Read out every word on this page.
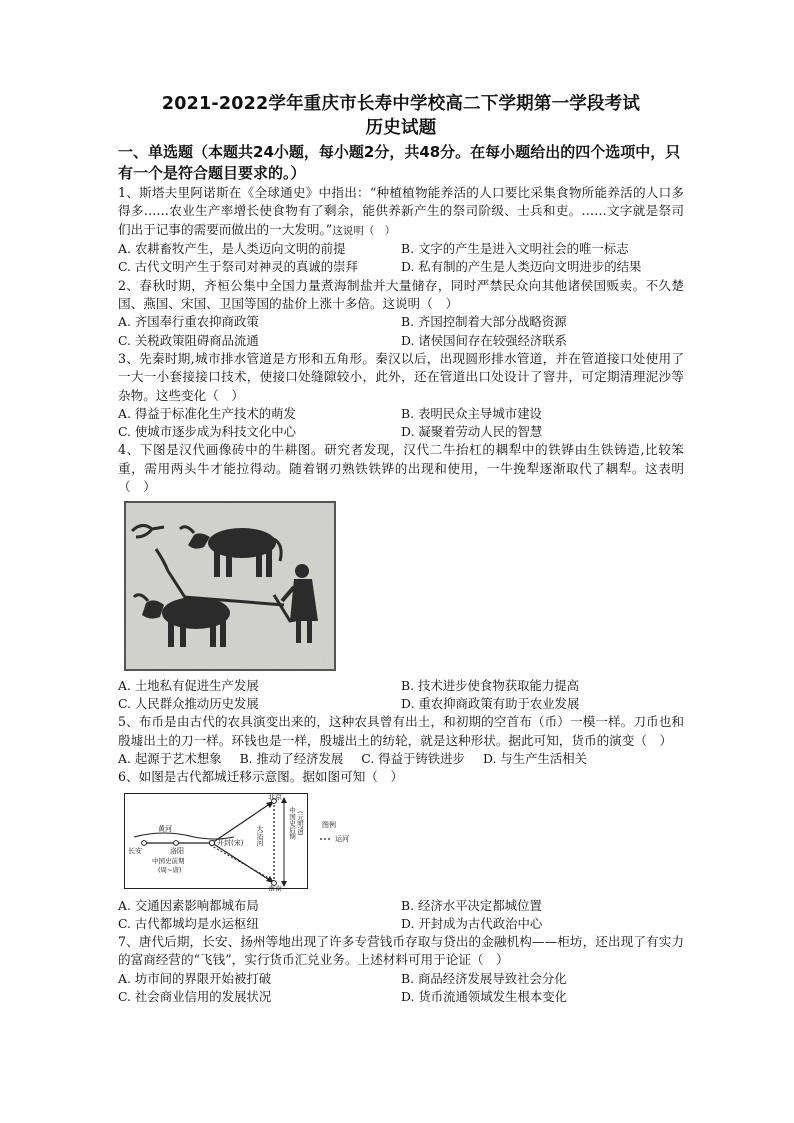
2021-2022学年重庆市长寿中学校高二下学期第一学段考试
历史试题
一、单选题（本题共24小题，每小题2分，共48分。在每小题给出的四个选项中，只有一个是符合题目要求的。）
1、斯塔夫里阿诺斯在《全球通史》中指出：“种植植物能养活的人口要比采集食物所能养活的人口多得多……农业生产率增长使食物有了剩余，能供养新产生的祭司阶级、士兵和吏。……文字就是祭司们出于记事的需要而做出的一大发明。”这说明（　）
A. 农耕畜牧产生，是人类迈向文明的前提	B. 文字的产生是进入文明社会的唯一标志
C. 古代文明产生于祭司对神灵的真诚的崇拜	D. 私有制的产生是人类迈向文明进步的结果
2、春秋时期，齐桓公集中全国力量煮海制盐并大量储存，同时严禁民众向其他诸侯国贩卖。不久楚国、燕国、宋国、卫国等国的盐价上涨十多倍。这说明（　）
A. 齐国奉行重农抑商政策	B. 齐国控制着大部分战略资源
C. 关税政策阻碍商品流通	D. 诸侯国间存在较强经济联系
3、先秦时期,城市排水管道是方形和五角形。秦汉以后，出现圆形排水管道，并在管道接口处使用了一大一小套接接口技术，使接口处缝隙较小，此外，还在管道出口处设计了窨井，可定期清理泥沙等杂物。这些变化（　）
A. 得益于标准化生产技术的萌发	B. 表明民众主导城市建设
C. 使城市逐步成为科技文化中心	D. 凝聚着劳动人民的智慧
4、下图是汉代画像砖中的牛耕图。研究者发现，汉代二牛抬杠的耦犁中的铁铧由生铁铸造,比较笨重，需用两头牛才能拉得动。随着钢刃熟铁铁铧的出现和使用，一牛挽犁逐渐取代了耦犁。这表明（　）
A. 土地私有促进生产发展	B. 技术进步使食物获取能力提高
C. 人民群众推动历史发展	D. 重农抑商政策有助于农业发展
5、布币是由古代的农具演变出来的，这种农具曾有出土，和初期的空首布（币）一模一样。刀币也和殷墟出土的刀一样。环钱也是一样，殷墟出土的纺轮，就是这种形状。据此可知，货币的演变（　）
A. 起源于艺术想象 B. 推动了经济发展 C. 得益于铸铁进步 D. 与生产生活相关
6、如图是古代都城迁移示意图。据如图可知（　）
北京
南京
黄河
长安	洛阳
开封(宋)
中国史前期
(周~唐)
大运河	中国史后期 (元明清)	图例
运河
A. 交通因素影响都城布局	B. 经济水平决定都城位置
C. 古代都城均是水运枢纽	D. 开封成为古代政治中心
7、唐代后期，长安、扬州等地出现了许多专营钱币存取与贷出的金融机构——柜坊，还出现了有实力的富商经营的“飞钱”，实行货币汇兑业务。上述材料可用于论证（　）
A. 坊市间的界限开始被打破	B. 商品经济发展导致社会分化
C. 社会商业信用的发展状况	D. 货币流通领域发生根本变化
